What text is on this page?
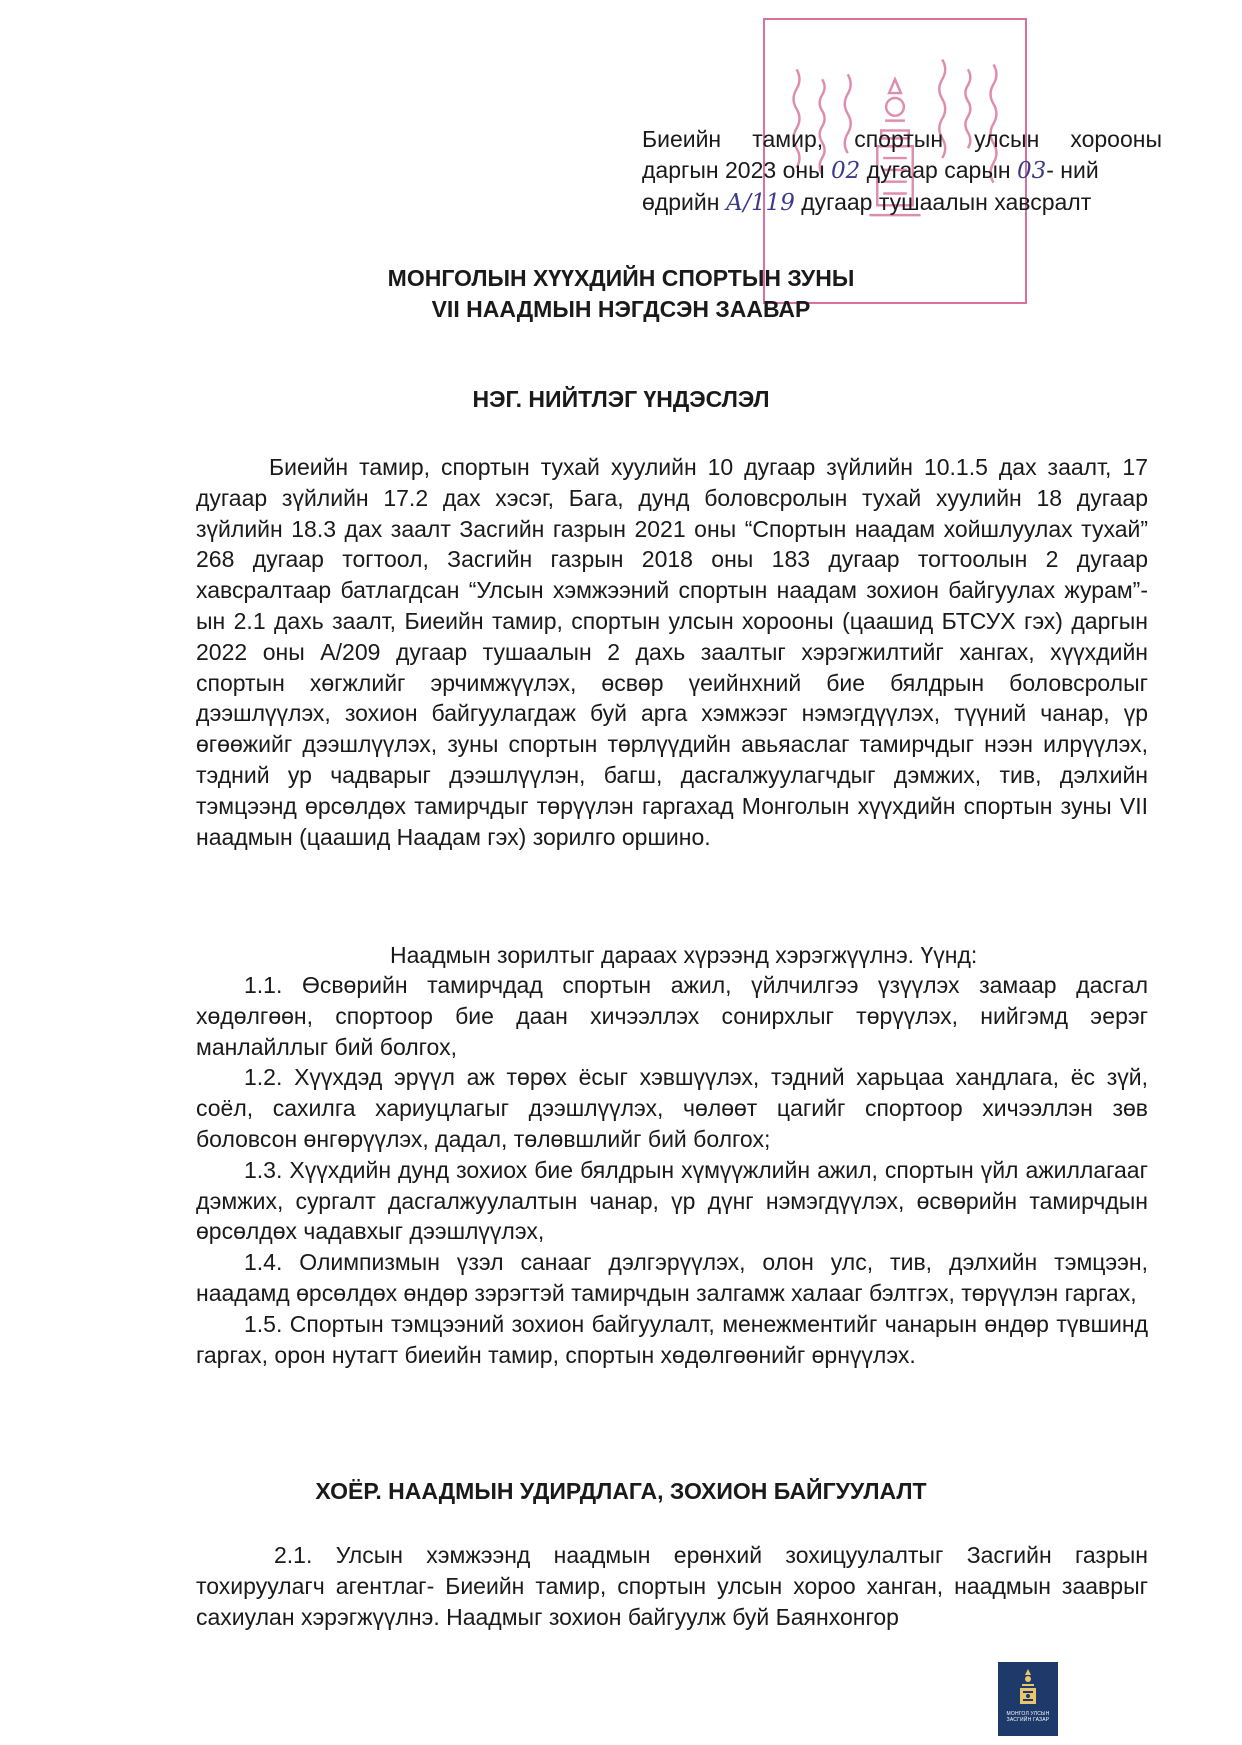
Биеийн тамир, спортын улсын хорооны
даргын 2023 оны 02 дугаар сарын 03- ний
өдрийн А/119 дугаар тушаалын хавсралт
МОНГОЛЫН ХҮҮХДИЙН СПОРТЫН ЗУНЫ
VII НААДМЫН НЭГДСЭН ЗААВАР
НЭГ. НИЙТЛЭГ ҮНДЭСЛЭЛ
Биеийн тамир, спортын тухай хуулийн 10 дугаар зүйлийн 10.1.5 дах заалт, 17 дугаар зүйлийн 17.2 дах хэсэг, Бага, дунд боловсролын тухай хуулийн 18 дугаар зүйлийн 18.3 дах заалт Засгийн газрын 2021 оны “Спортын наадам хойшлуулах тухай” 268 дугаар тогтоол, Засгийн газрын 2018 оны 183 дугаар тогтоолын 2 дугаар хавсралтаар батлагдсан “Улсын хэмжээний спортын наадам зохион байгуулах журам”-ын 2.1 дахь заалт, Биеийн тамир, спортын улсын хорооны (цаашид БТСУХ гэх) даргын 2022 оны А/209 дугаар тушаалын 2 дахь заалтыг хэрэгжилтийг хангах, хүүхдийн спортын хөгжлийг эрчимжүүлэх, өсвөр үеийнхний бие бялдрын боловсролыг дээшлүүлэх, зохион байгуулагдаж буй арга хэмжээг нэмэгдүүлэх, түүний чанар, үр өгөөжийг дээшлүүлэх, зуны спортын төрлүүдийн авьяаслаг тамирчдыг нээн илрүүлэх, тэдний ур чадварыг дээшлүүлэн, багш, дасгалжуулагчдыг дэмжих, тив, дэлхийн тэмцээнд өрсөлдөх тамирчдыг төрүүлэн гаргахад Монголын хүүхдийн спортын зуны VII наадмын (цаашид Наадам гэх) зорилго оршино.
Наадмын зорилтыг дараах хүрээнд хэрэгжүүлнэ. Үүнд:
1.1. Өсвөрийн тамирчдад спортын ажил, үйлчилгээ үзүүлэх замаар дасгал хөдөлгөөн, спортоор бие даан хичээллэх сонирхлыг төрүүлэх, нийгэмд эерэг манлайллыг бий болгох,
1.2. Хүүхдэд эрүүл аж төрөх ёсыг хэвшүүлэх, тэдний харьцаа хандлага, ёс зүй, соёл, сахилга хариуцлагыг дээшлүүлэх, чөлөөт цагийг спортоор хичээллэн зөв боловсон өнгөрүүлэх, дадал, төлөвшлийг бий болгох;
1.3. Хүүхдийн дунд зохиох бие бялдрын хүмүүжлийн ажил, спортын үйл ажиллагааг дэмжих, сургалт дасгалжуулалтын чанар, үр дүнг нэмэгдүүлэх, өсвөрийн тамирчдын өрсөлдөх чадавхыг дээшлүүлэх,
1.4. Олимпизмын үзэл санааг дэлгэрүүлэх, олон улс, тив, дэлхийн тэмцээн, наадамд өрсөлдөх өндөр зэрэгтэй тамирчдын залгамж халааг бэлтгэх, төрүүлэн гаргах,
1.5. Спортын тэмцээний зохион байгуулалт, менежментийг чанарын өндөр түвшинд гаргах, орон нутагт биеийн тамир, спортын хөдөлгөөнийг өрнүүлэх.
ХОЁР. НААДМЫН УДИРДЛАГА, ЗОХИОН БАЙГУУЛАЛТ
2.1. Улсын хэмжээнд наадмын ерөнхий зохицуулалтыг Засгийн газрын тохируулагч агентлаг- Биеийн тамир, спортын улсын хороо ханган, наадмын зааврыг сахиулан хэрэгжүүлнэ. Наадмыг зохион байгуулж буй Баянхонгор
МОНГОЛ УЛСЫН
ЗАСГИЙН ГАЗАР
